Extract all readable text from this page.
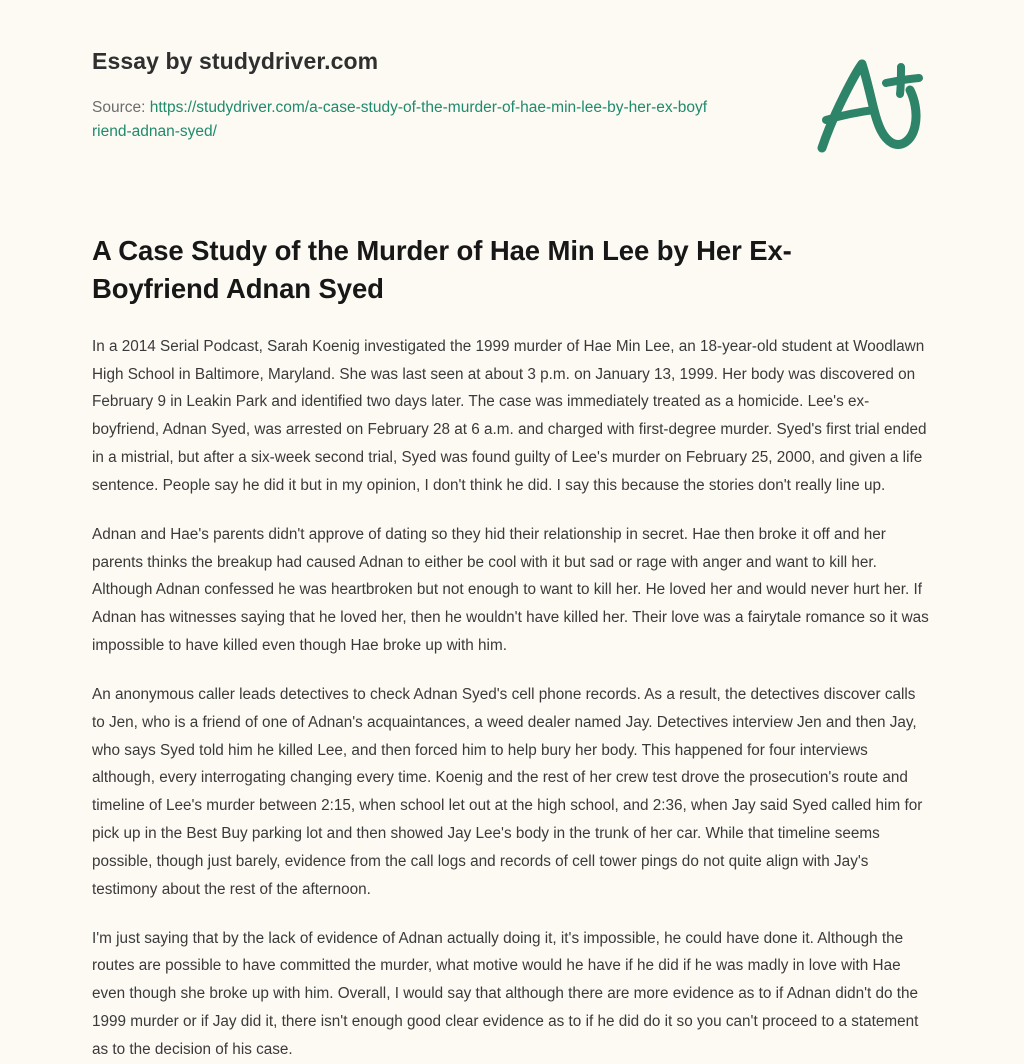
Essay by studydriver.com
Source: https://studydriver.com/a-case-study-of-the-murder-of-hae-min-lee-by-her-ex-boyfriend-adnan-syed/
A Case Study of the Murder of Hae Min Lee by Her Ex-Boyfriend Adnan Syed

In a 2014 Serial Podcast, Sarah Koenig investigated the 1999 murder of Hae Min Lee, an 18-year-old student at Woodlawn High School in Baltimore, Maryland. She was last seen at about 3 p.m. on January 13, 1999. Her body was discovered on February 9 in Leakin Park and identified two days later. The case was immediately treated as a homicide. Lee's ex-boyfriend, Adnan Syed, was arrested on February 28 at 6 a.m. and charged with first-degree murder. Syed's first trial ended in a mistrial, but after a six-week second trial, Syed was found guilty of Lee's murder on February 25, 2000, and given a life sentence. People say he did it but in my opinion, I don't think he did. I say this because the stories don't really line up.

Adnan and Hae's parents didn't approve of dating so they hid their relationship in secret. Hae then broke it off and her parents thinks the breakup had caused Adnan to either be cool with it but sad or rage with anger and want to kill her. Although Adnan confessed he was heartbroken but not enough to want to kill her. He loved her and would never hurt her. If Adnan has witnesses saying that he loved her, then he wouldn't have killed her. Their love was a fairytale romance so it was impossible to have killed even though Hae broke up with him.

An anonymous caller leads detectives to check Adnan Syed's cell phone records. As a result, the detectives discover calls to Jen, who is a friend of one of Adnan's acquaintances, a weed dealer named Jay. Detectives interview Jen and then Jay, who says Syed told him he killed Lee, and then forced him to help bury her body. This happened for four interviews although, every interrogating changing every time. Koenig and the rest of her crew test drove the prosecution's route and timeline of Lee's murder between 2:15, when school let out at the high school, and 2:36, when Jay said Syed called him for pick up in the Best Buy parking lot and then showed Jay Lee's body in the trunk of her car. While that timeline seems possible, though just barely, evidence from the call logs and records of cell tower pings do not quite align with Jay's testimony about the rest of the afternoon.

I'm just saying that by the lack of evidence of Adnan actually doing it, it's impossible, he could have done it. Although the routes are possible to have committed the murder, what motive would he have if he did if he was madly in love with Hae even though she broke up with him. Overall, I would say that although there are more evidence as to if Adnan didn't do the 1999 murder or if Jay did it, there isn't enough good clear evidence as to if he did do it so you can't proceed to a statement as to the decision of his case.
